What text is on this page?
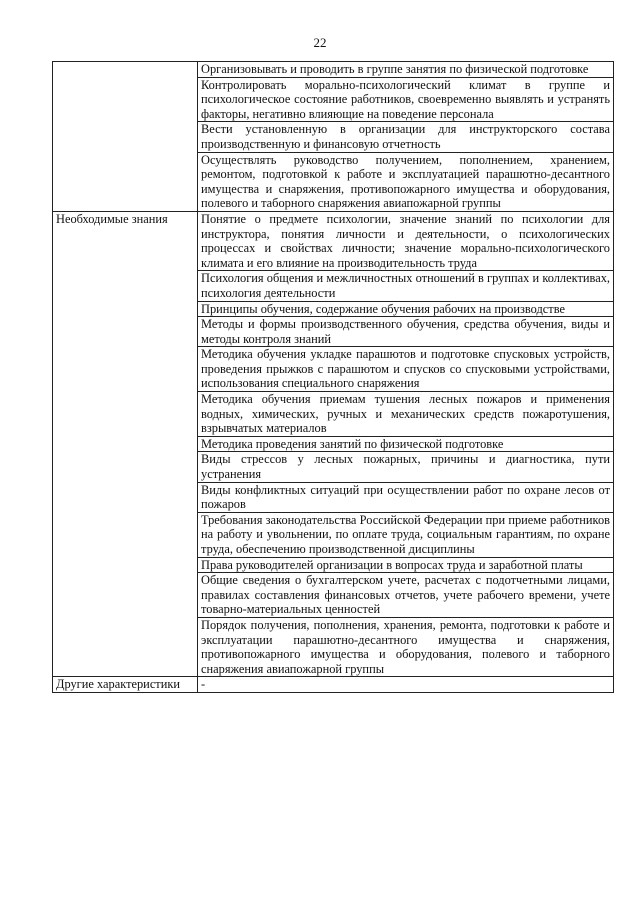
22
	Организовывать и проводить в группе занятия по физической подготовке
	Контролировать морально-психологический климат в группе и психологическое состояние работников, своевременно выявлять и устранять факторы, негативно влияющие на поведение персонала
	Вести установленную в организации для инструкторского состава производственную и финансовую отчетность
	Осуществлять руководство получением, пополнением, хранением, ремонтом, подготовкой к работе и эксплуатацией парашютно-десантного имущества и снаряжения, противопожарного имущества и оборудования, полевого и таборного снаряжения авиапожарной группы
Необходимые знания	Понятие о предмете психологии, значение знаний по психологии для инструктора, понятия личности и деятельности, о психологических процессах и свойствах личности; значение морально-психологического климата и его влияние на производительность труда
	Психология общения и межличностных отношений в группах и коллективах, психология деятельности
	Принципы обучения, содержание обучения рабочих на производстве
	Методы и формы производственного обучения, средства обучения, виды и методы контроля знаний
	Методика обучения укладке парашютов и подготовке спусковых устройств, проведения прыжков с парашютом и спусков со спусковыми устройствами, использования специального снаряжения
	Методика обучения приемам тушения лесных пожаров и применения водных, химических, ручных и механических средств пожаротушения, взрывчатых материалов
	Методика проведения занятий по физической подготовке
	Виды стрессов у лесных пожарных, причины и диагностика, пути устранения
	Виды конфликтных ситуаций при осуществлении работ по охране лесов от пожаров
	Требования законодательства Российской Федерации при приеме работников на работу и увольнении, по оплате труда, социальным гарантиям, по охране труда, обеспечению производственной дисциплины
	Права руководителей организации в вопросах труда и заработной платы
	Общие сведения о бухгалтерском учете, расчетах с подотчетными лицами, правилах составления финансовых отчетов, учете рабочего времени, учете товарно-материальных ценностей
	Порядок получения, пополнения, хранения, ремонта, подготовки к работе и эксплуатации парашютно-десантного имущества и снаряжения, противопожарного имущества и оборудования, полевого и таборного снаряжения авиапожарной группы
Другие характеристики	-
